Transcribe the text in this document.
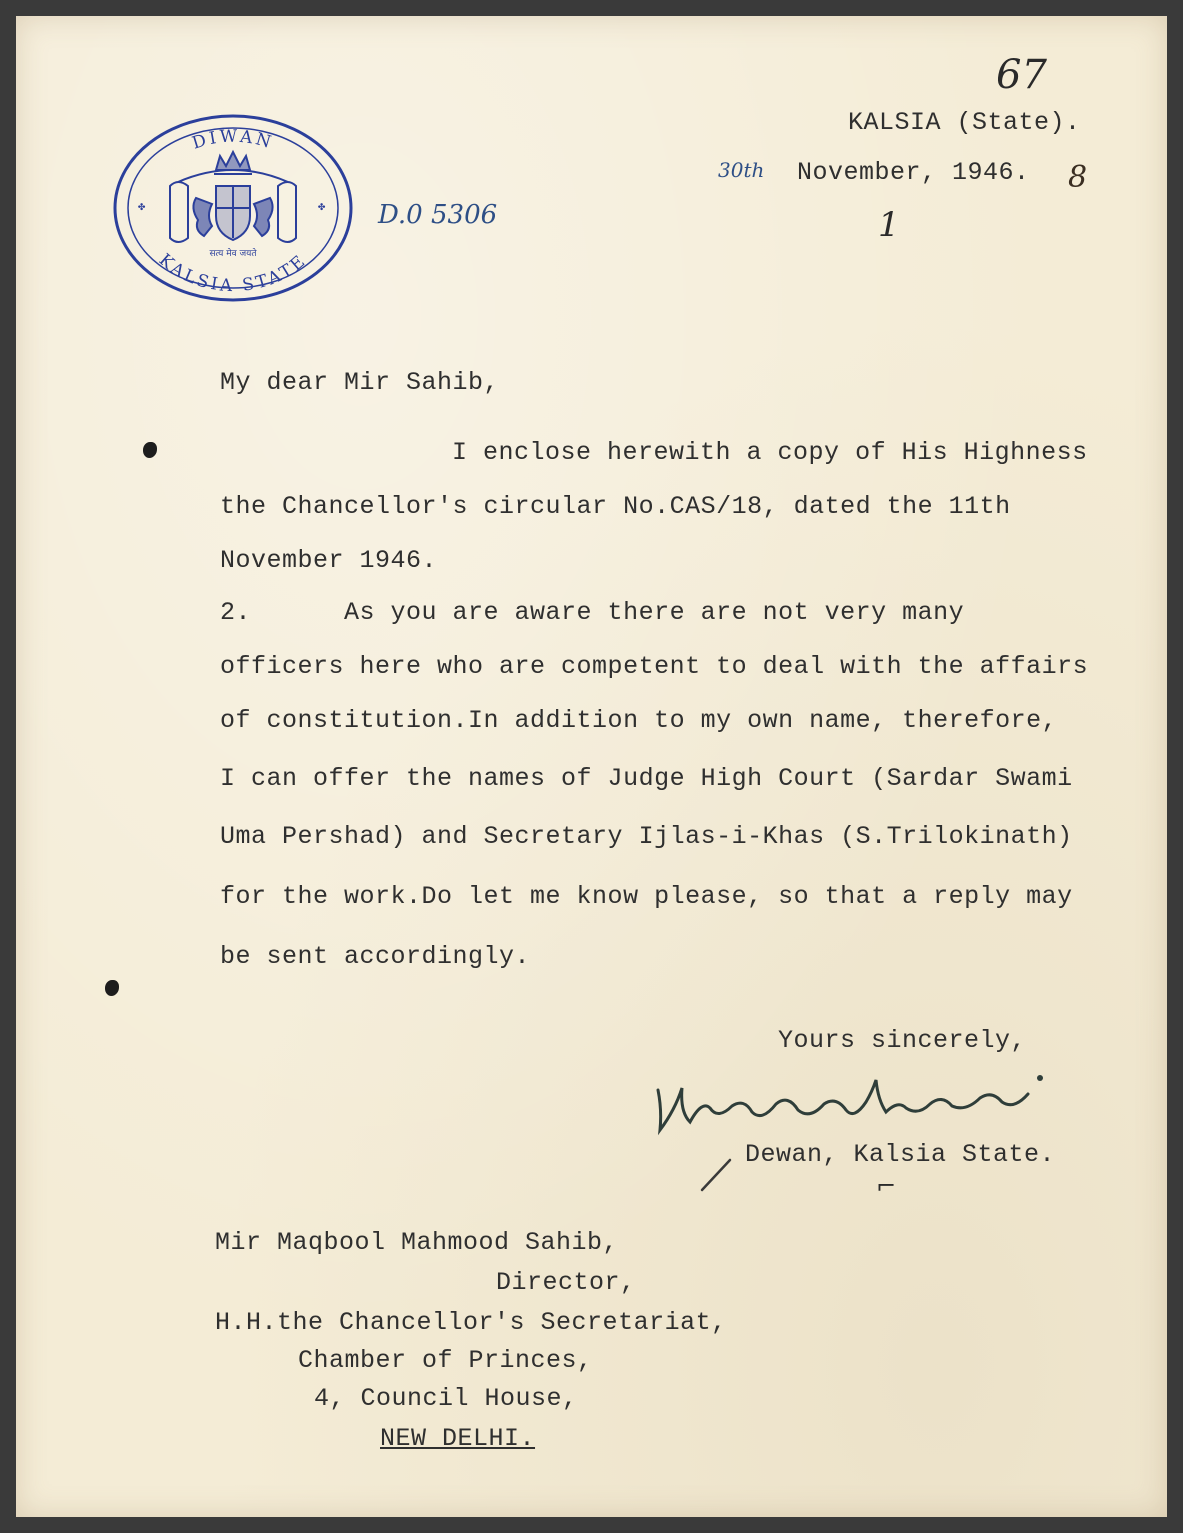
67
30th	8
1
D.0 5306
KALSIA (State).
November, 1946.
DIWAN
KALSIA STATE
सत्य मेव जयते
✤	✤
My dear Mir Sahib,
I enclose herewith a copy of His Highness
the Chancellor's circular No.CAS/18, dated the 11th
November 1946.
2.      As you are aware there are not very many
officers here who are competent to deal with the affairs
of constitution.In addition to my own name, therefore,
I can offer the names of Judge High Court (Sardar Swami
Uma Pershad) and Secretary Ijlas-i-Khas (S.Trilokinath)
for the work.Do let me know please, so that a reply may
be sent accordingly.
Yours sincerely,
Dewan, Kalsia State.
⌐
Mir Maqbool Mahmood Sahib,
Director,
H.H.the Chancellor's Secretariat,
Chamber of Princes,
4, Council House,
NEW DELHI.
